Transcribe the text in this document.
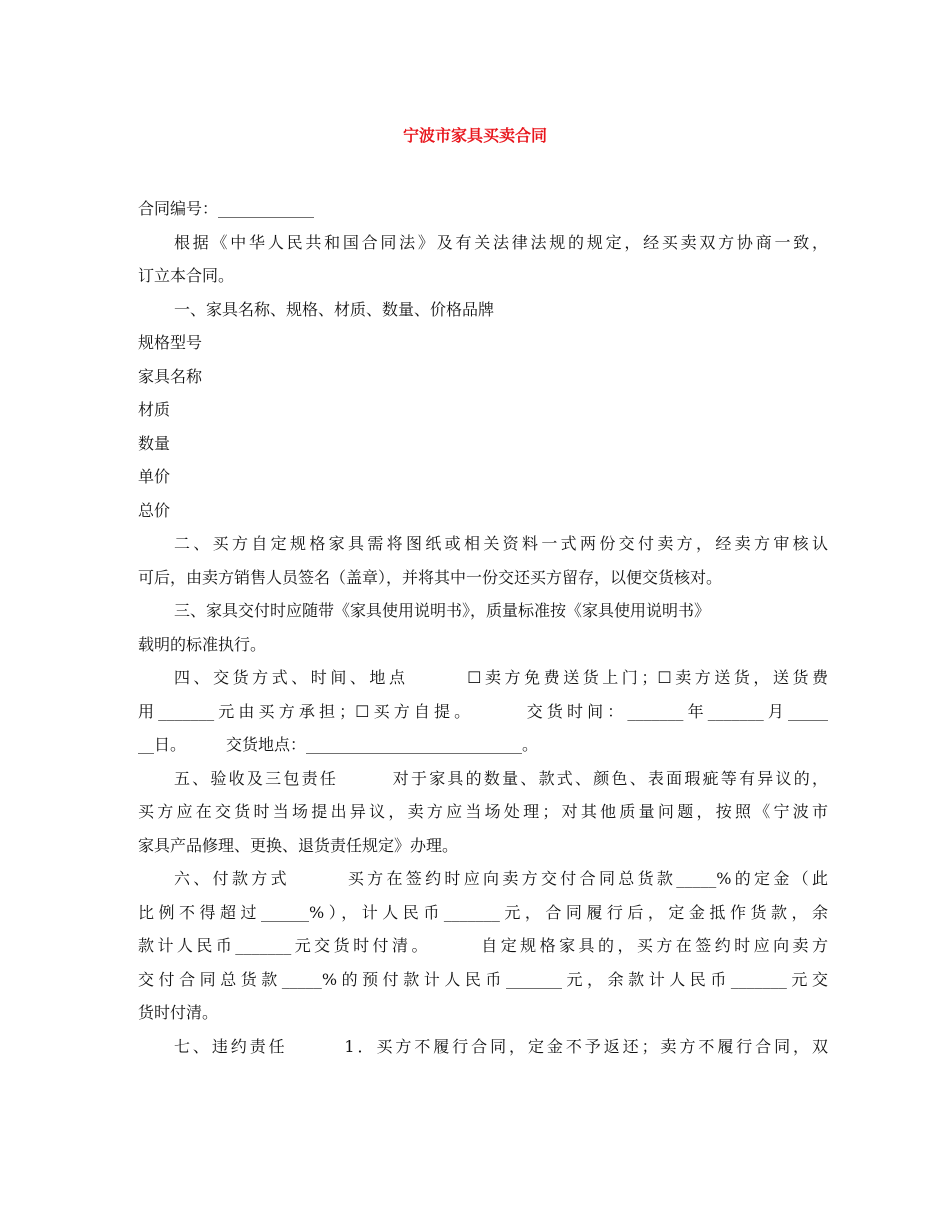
宁波市家具买卖合同
合同编号：____________
根据《中华人民共和国合同法》及有关法律法规的规定，经买卖双方协商一致，
订立本合同。
一、家具名称、规格、材质、数量、价格品牌
规格型号
家具名称
材质
数量
单价
总价
二、买方自定规格家具需将图纸或相关资料一式两份交付卖方，经卖方审核认
可后，由卖方销售人员签名（盖章），并将其中一份交还买方留存，以便交货核对。
三、家具交付时应随带《家具使用说明书》，质量标准按《家具使用说明书》
载明的标准执行。
四、交货方式、时间、地点　　　☐卖方免费送货上门；☐卖方送货，送货费
用_______元由买方承担；☐买方自提。　　　交货时间：_______年_______月_____
__日。　　　交货地点：___________________________。
五、验收及三包责任　　　对于家具的数量、款式、颜色、表面瑕疵等有异议的，
买方应在交货时当场提出异议，卖方应当场处理；对其他质量问题，按照《宁波市
家具产品修理、更换、退货责任规定》办理。
六、付款方式　　　买方在签约时应向卖方交付合同总货款_____%的定金（此
比例不得超过______%），计人民币_______元，合同履行后，定金抵作货款，余
款计人民币_______元交货时付清。　　　自定规格家具的，买方在签约时应向卖方
交付合同总货款_____%的预付款计人民币_______元，余款计人民币_______元交
货时付清。
七、违约责任　　　1．买方不履行合同，定金不予返还；卖方不履行合同，双
